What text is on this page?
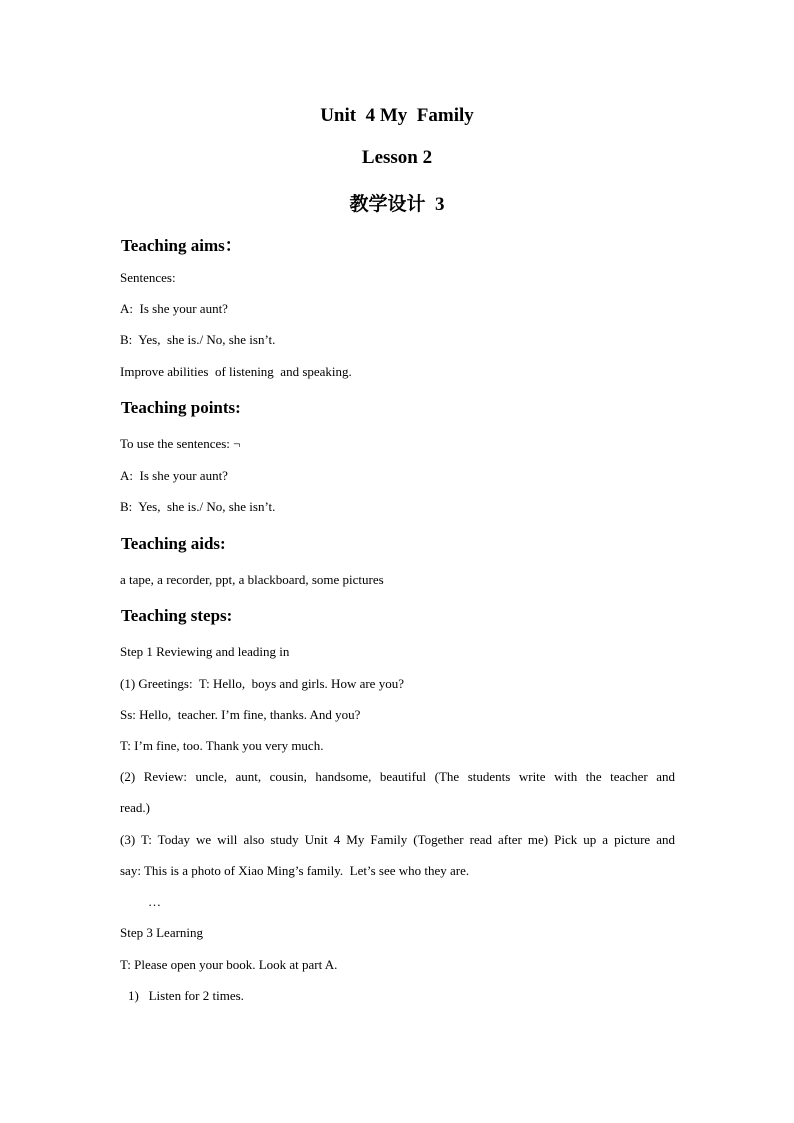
Unit  4 My  Family
Lesson 2
教学设计  3
Teaching aims：
Sentences:
A:  Is she your aunt?
B:  Yes,  she is./ No, she isn’t.
Improve abilities  of listening  and speaking.
Teaching points:
To use the sentences: ¬
A:  Is she your aunt?
B:  Yes,  she is./ No, she isn’t.
Teaching aids:
a tape, a recorder, ppt, a blackboard, some pictures
Teaching steps:
Step 1 Reviewing and leading in
(1) Greetings:  T: Hello,  boys and girls. How are you?
Ss: Hello,  teacher. I’m fine, thanks. And you?
T: I’m fine, too. Thank you very much.
(2) Review: uncle, aunt, cousin, handsome, beautiful (The students write with the teacher and
read.)
(3) T: Today we will also study Unit 4 My Family (Together read after me) Pick up a picture and
say: This is a photo of Xiao Ming’s family.  Let’s see who they are.
…
Step 3 Learning
T: Please open your book. Look at part A.
1)   Listen for 2 times.
